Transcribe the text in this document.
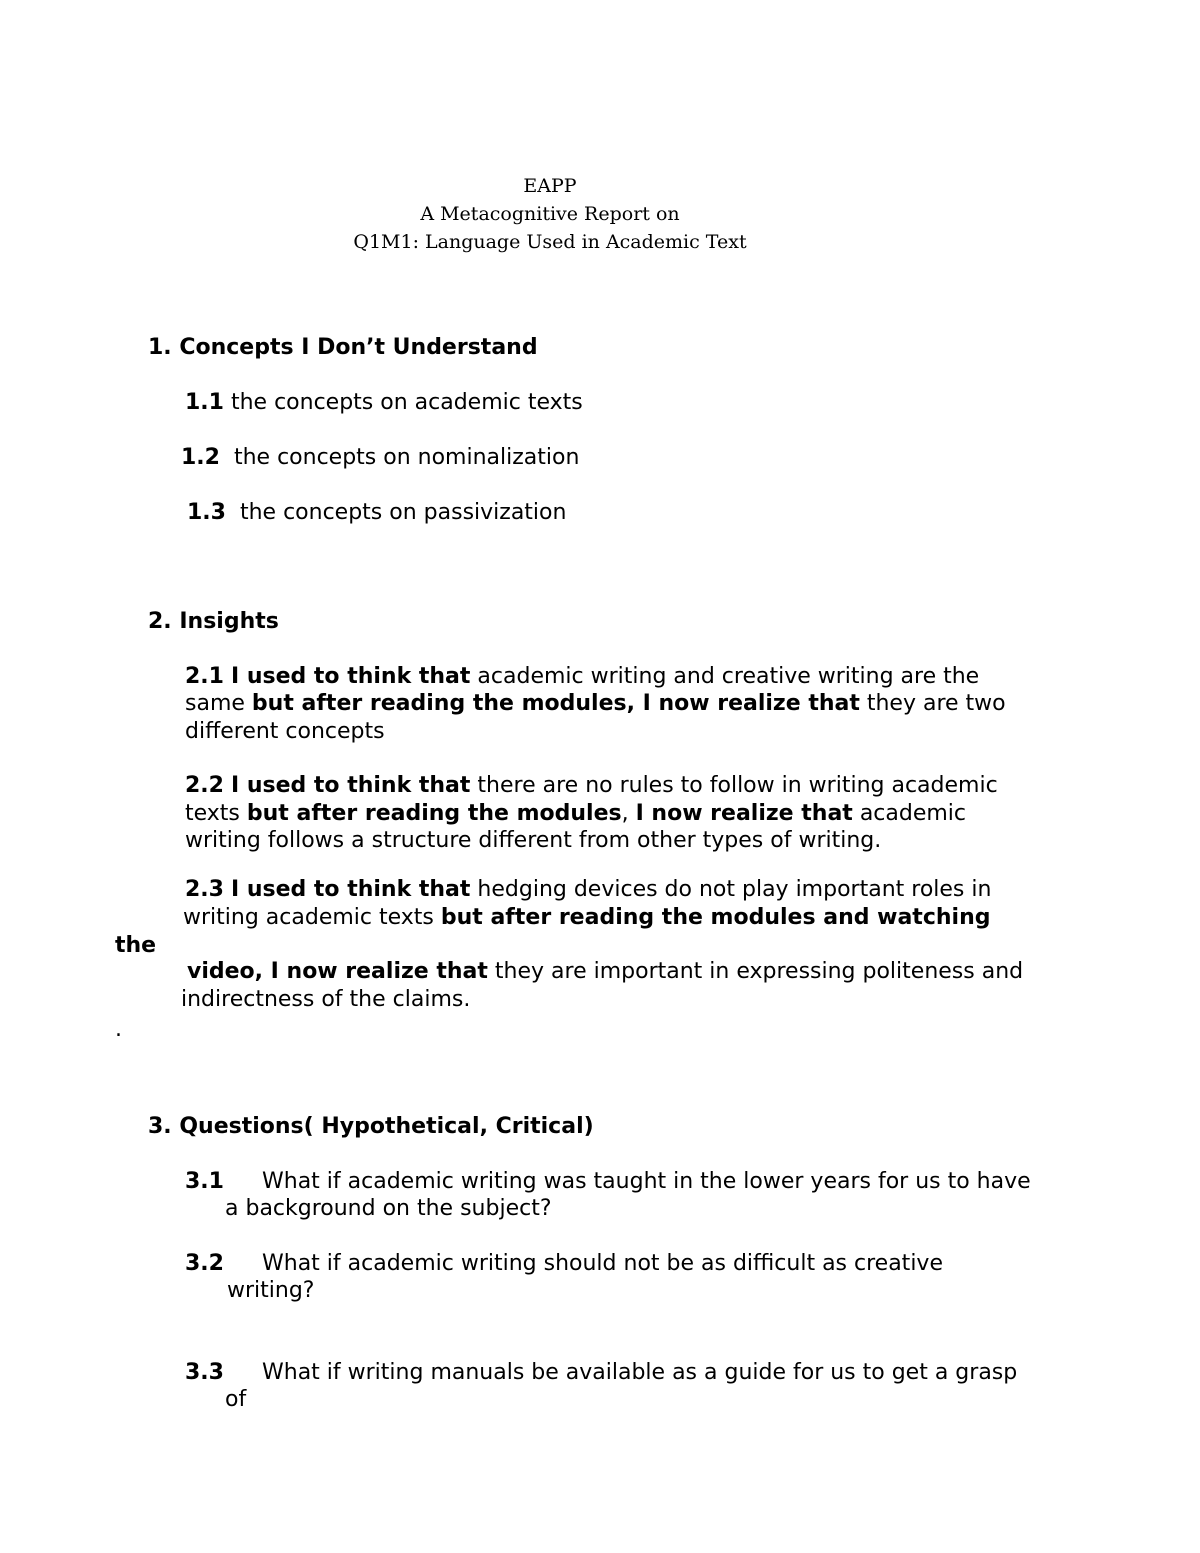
EAPP
A Metacognitive Report on
Q1M1: Language Used in Academic Text
1. Concepts I Don’t Understand
1.1 the concepts on academic texts
1.2 the concepts on nominalization
1.3 the concepts on passivization
2. Insights
2.1 I used to think that academic writing and creative writing are the
same but after reading the modules, I now realize that they are two
different concepts
2.2 I used to think that there are no rules to follow in writing academic
texts but after reading the modules, I now realize that academic
writing follows a structure different from other types of writing.
2.3 I used to think that hedging devices do not play important roles in
writing academic texts but after reading the modules and watching
the
video, I now realize that they are important in expressing politeness and
indirectness of the claims.
.
3. Questions( Hypothetical, Critical)
3.1 What if academic writing was taught in the lower years for us to have
a background on the subject?
3.2 What if academic writing should not be as difficult as creative
writing?
3.3 What if writing manuals be available as a guide for us to get a grasp
of
